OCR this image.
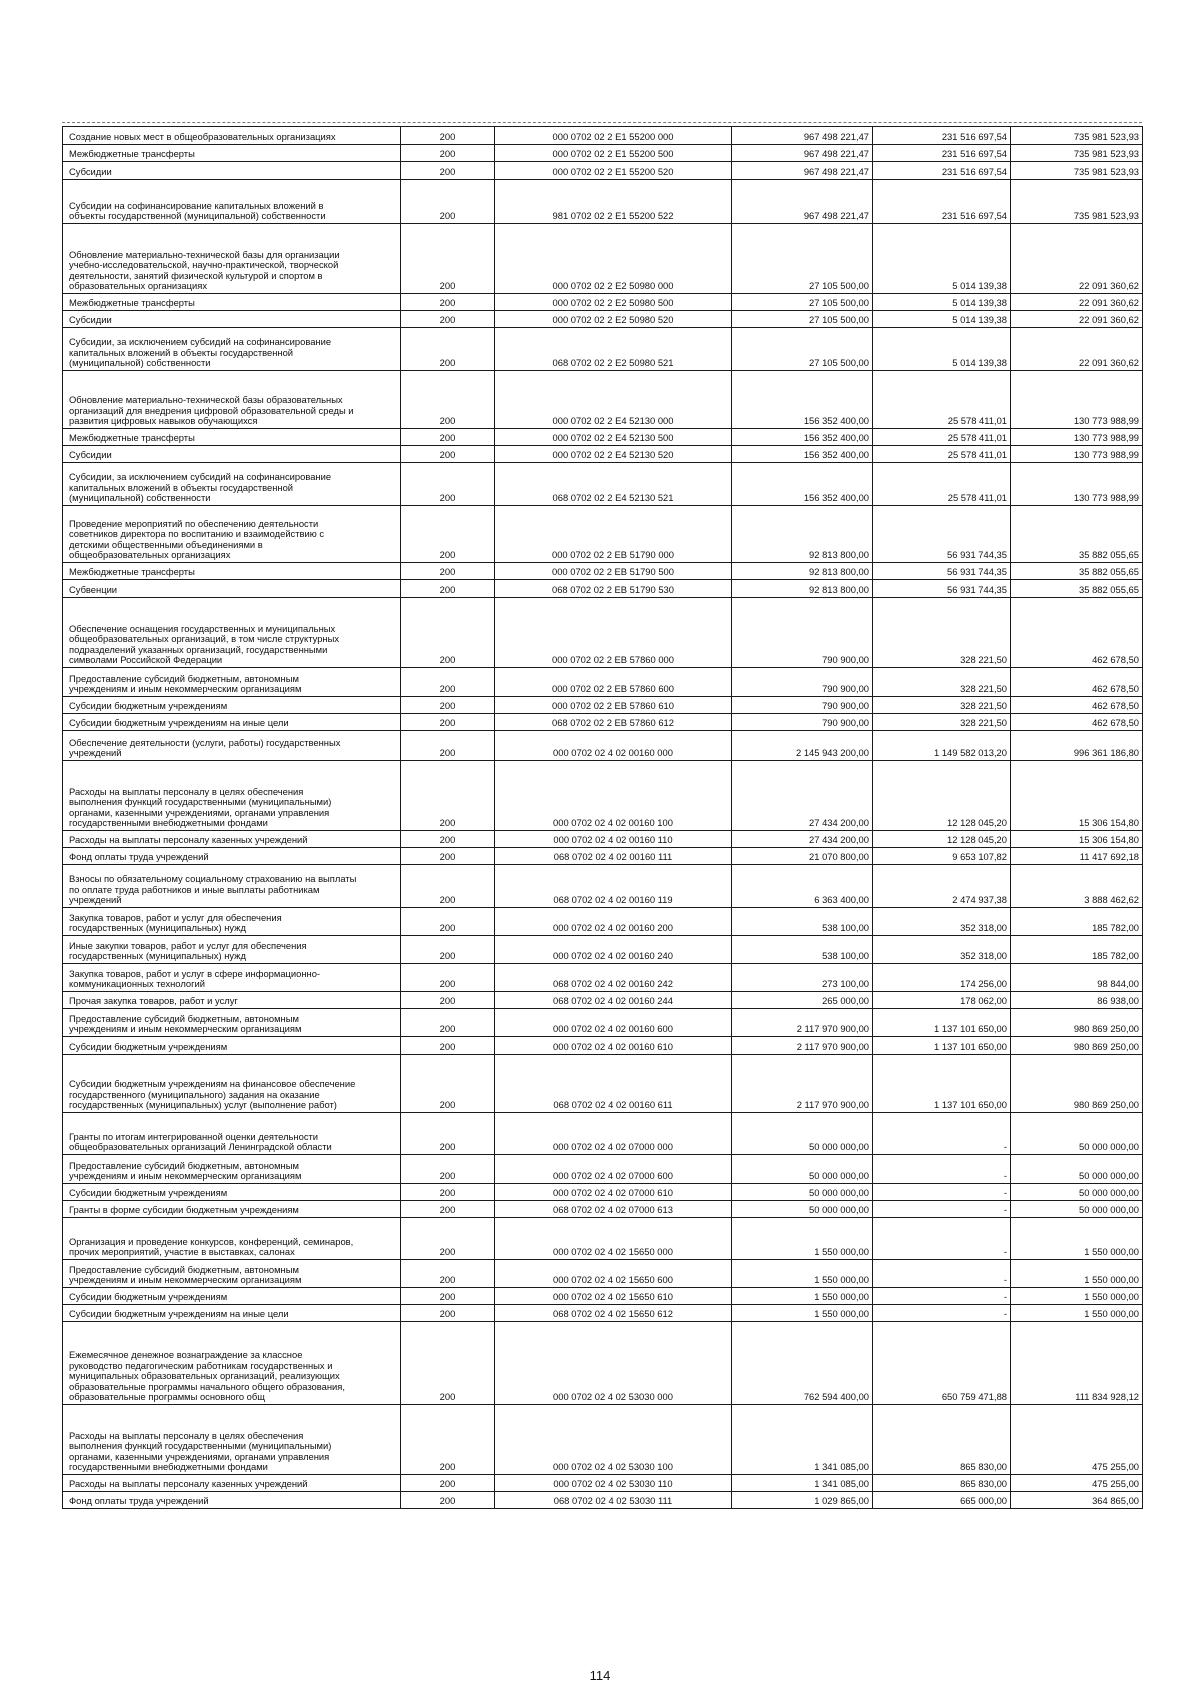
Создание новых мест в общеобразовательных организациях	200	000 0702 02 2 E1 55200 000	967 498 221,47	231 516 697,54	735 981 523,93
Межбюджетные трансферты	200	000 0702 02 2 E1 55200 500	967 498 221,47	231 516 697,54	735 981 523,93
Субсидии	200	000 0702 02 2 E1 55200 520	967 498 221,47	231 516 697,54	735 981 523,93
Субсидии на софинансирование капитальных вложений в
объекты государственной (муниципальной) собственности	200	981 0702 02 2 E1 55200 522	967 498 221,47	231 516 697,54	735 981 523,93
Обновление материально-технической базы для организации
учебно-исследовательской, научно-практической, творческой
деятельности, занятий физической культурой и спортом в
образовательных организациях	200	000 0702 02 2 E2 50980 000	27 105 500,00	5 014 139,38	22 091 360,62
Межбюджетные трансферты	200	000 0702 02 2 E2 50980 500	27 105 500,00	5 014 139,38	22 091 360,62
Субсидии	200	000 0702 02 2 E2 50980 520	27 105 500,00	5 014 139,38	22 091 360,62
Субсидии, за исключением субсидий на софинансирование
капитальных вложений в объекты государственной
(муниципальной) собственности	200	068 0702 02 2 E2 50980 521	27 105 500,00	5 014 139,38	22 091 360,62
Обновление материально-технической базы образовательных
организаций для внедрения цифровой образовательной среды и
развития цифровых навыков обучающихся	200	000 0702 02 2 E4 52130 000	156 352 400,00	25 578 411,01	130 773 988,99
Межбюджетные трансферты	200	000 0702 02 2 E4 52130 500	156 352 400,00	25 578 411,01	130 773 988,99
Субсидии	200	000 0702 02 2 E4 52130 520	156 352 400,00	25 578 411,01	130 773 988,99
Субсидии, за исключением субсидий на софинансирование
капитальных вложений в объекты государственной
(муниципальной) собственности	200	068 0702 02 2 E4 52130 521	156 352 400,00	25 578 411,01	130 773 988,99
Проведение мероприятий по обеспечению деятельности
советников директора по воспитанию и взаимодействию с
детскими общественными объединениями в
общеобразовательных организациях	200	000 0702 02 2 EB 51790 000	92 813 800,00	56 931 744,35	35 882 055,65
Межбюджетные трансферты	200	000 0702 02 2 EB 51790 500	92 813 800,00	56 931 744,35	35 882 055,65
Субвенции	200	068 0702 02 2 EB 51790 530	92 813 800,00	56 931 744,35	35 882 055,65
Обеспечение оснащения государственных и муниципальных
общеобразовательных организаций, в том числе структурных
подразделений указанных организаций, государственными
символами Российской Федерации	200	000 0702 02 2 EB 57860 000	790 900,00	328 221,50	462 678,50
Предоставление субсидий бюджетным, автономным
учреждениям и иным некоммерческим организациям	200	000 0702 02 2 EB 57860 600	790 900,00	328 221,50	462 678,50
Субсидии бюджетным учреждениям	200	000 0702 02 2 EB 57860 610	790 900,00	328 221,50	462 678,50
Субсидии бюджетным учреждениям на иные цели	200	068 0702 02 2 EB 57860 612	790 900,00	328 221,50	462 678,50
Обеспечение деятельности (услуги, работы) государственных
учреждений	200	000 0702 02 4 02 00160 000	2 145 943 200,00	1 149 582 013,20	996 361 186,80
Расходы на выплаты персоналу в целях обеспечения
выполнения функций государственными (муниципальными)
органами, казенными учреждениями, органами управления
государственными внебюджетными фондами	200	000 0702 02 4 02 00160 100	27 434 200,00	12 128 045,20	15 306 154,80
Расходы на выплаты персоналу казенных учреждений	200	000 0702 02 4 02 00160 110	27 434 200,00	12 128 045,20	15 306 154,80
Фонд оплаты труда учреждений	200	068 0702 02 4 02 00160 111	21 070 800,00	9 653 107,82	11 417 692,18
Взносы по обязательному социальному страхованию на выплаты
по оплате труда работников и иные выплаты работникам
учреждений	200	068 0702 02 4 02 00160 119	6 363 400,00	2 474 937,38	3 888 462,62
Закупка товаров, работ и услуг для обеспечения
государственных (муниципальных) нужд	200	000 0702 02 4 02 00160 200	538 100,00	352 318,00	185 782,00
Иные закупки товаров, работ и услуг для обеспечения
государственных (муниципальных) нужд	200	000 0702 02 4 02 00160 240	538 100,00	352 318,00	185 782,00
Закупка товаров, работ и услуг в сфере информационно-
коммуникационных технологий	200	068 0702 02 4 02 00160 242	273 100,00	174 256,00	98 844,00
Прочая закупка товаров, работ и услуг	200	068 0702 02 4 02 00160 244	265 000,00	178 062,00	86 938,00
Предоставление субсидий бюджетным, автономным
учреждениям и иным некоммерческим организациям	200	000 0702 02 4 02 00160 600	2 117 970 900,00	1 137 101 650,00	980 869 250,00
Субсидии бюджетным учреждениям	200	000 0702 02 4 02 00160 610	2 117 970 900,00	1 137 101 650,00	980 869 250,00
Субсидии бюджетным учреждениям на финансовое обеспечение
государственного (муниципального) задания на оказание
государственных (муниципальных) услуг (выполнение работ)	200	068 0702 02 4 02 00160 611	2 117 970 900,00	1 137 101 650,00	980 869 250,00
Гранты по итогам интегрированной оценки деятельности
общеобразовательных организаций Ленинградской области	200	000 0702 02 4 02 07000 000	50 000 000,00	-	50 000 000,00
Предоставление субсидий бюджетным, автономным
учреждениям и иным некоммерческим организациям	200	000 0702 02 4 02 07000 600	50 000 000,00	-	50 000 000,00
Субсидии бюджетным учреждениям	200	000 0702 02 4 02 07000 610	50 000 000,00	-	50 000 000,00
Гранты в форме субсидии бюджетным учреждениям	200	068 0702 02 4 02 07000 613	50 000 000,00	-	50 000 000,00
Организация и проведение конкурсов, конференций, семинаров,
прочих мероприятий, участие в выставках, салонах	200	000 0702 02 4 02 15650 000	1 550 000,00	-	1 550 000,00
Предоставление субсидий бюджетным, автономным
учреждениям и иным некоммерческим организациям	200	000 0702 02 4 02 15650 600	1 550 000,00	-	1 550 000,00
Субсидии бюджетным учреждениям	200	000 0702 02 4 02 15650 610	1 550 000,00	-	1 550 000,00
Субсидии бюджетным учреждениям на иные цели	200	068 0702 02 4 02 15650 612	1 550 000,00	-	1 550 000,00
Ежемесячное денежное вознаграждение за классное
руководство педагогическим работникам государственных и
муниципальных образовательных организаций, реализующих
образовательные программы начального общего образования,
образовательные программы основного общ	200	000 0702 02 4 02 53030 000	762 594 400,00	650 759 471,88	111 834 928,12
Расходы на выплаты персоналу в целях обеспечения
выполнения функций государственными (муниципальными)
органами, казенными учреждениями, органами управления
государственными внебюджетными фондами	200	000 0702 02 4 02 53030 100	1 341 085,00	865 830,00	475 255,00
Расходы на выплаты персоналу казенных учреждений	200	000 0702 02 4 02 53030 110	1 341 085,00	865 830,00	475 255,00
Фонд оплаты труда учреждений	200	068 0702 02 4 02 53030 111	1 029 865,00	665 000,00	364 865,00
114
